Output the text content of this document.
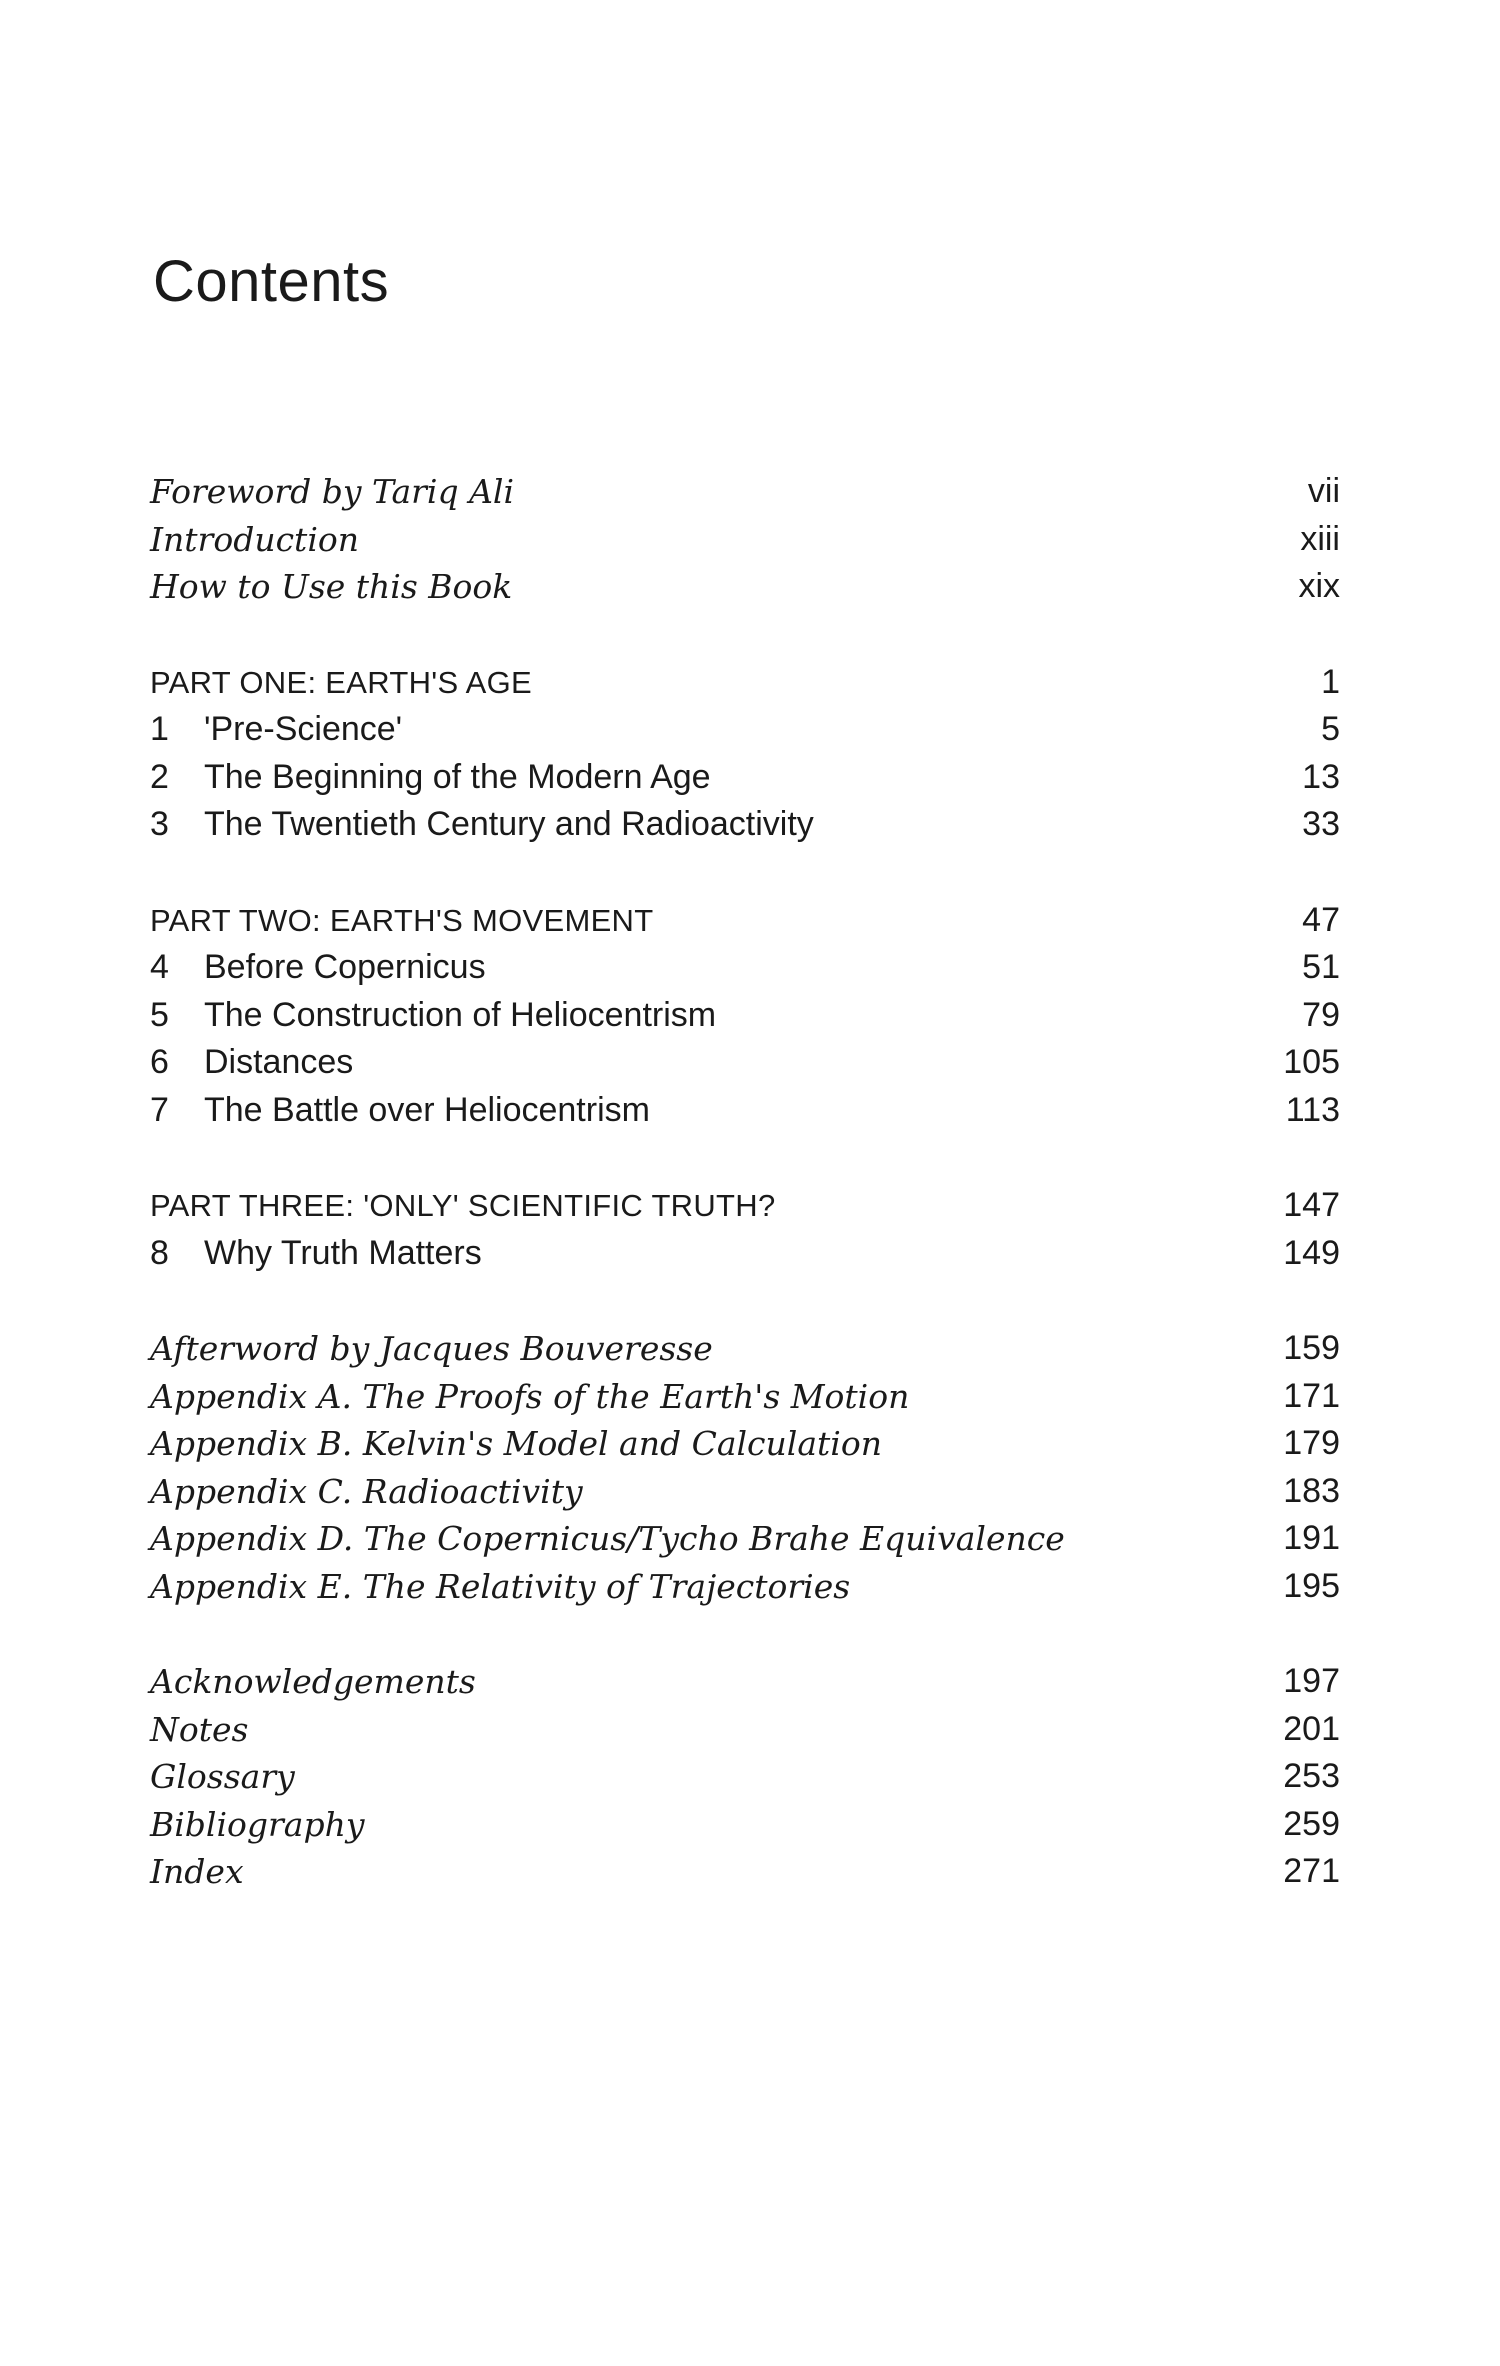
Contents
Foreword by Tariq Ali	vii
Introduction	xiii
How to Use this Book	xix
PART ONE: EARTH'S AGE	1
1 'Pre-Science'	5
2 The Beginning of the Modern Age	13
3 The Twentieth Century and Radioactivity	33
PART TWO: EARTH'S MOVEMENT	47
4 Before Copernicus	51
5 The Construction of Heliocentrism	79
6 Distances	105
7 The Battle over Heliocentrism	113
PART THREE: 'ONLY' SCIENTIFIC TRUTH?	147
8 Why Truth Matters	149
Afterword by Jacques Bouveresse	159
Appendix A. The Proofs of the Earth's Motion	171
Appendix B. Kelvin's Model and Calculation	179
Appendix C. Radioactivity	183
Appendix D. The Copernicus/Tycho Brahe Equivalence	191
Appendix E. The Relativity of Trajectories	195
Acknowledgements	197
Notes	201
Glossary	253
Bibliography	259
Index	271
